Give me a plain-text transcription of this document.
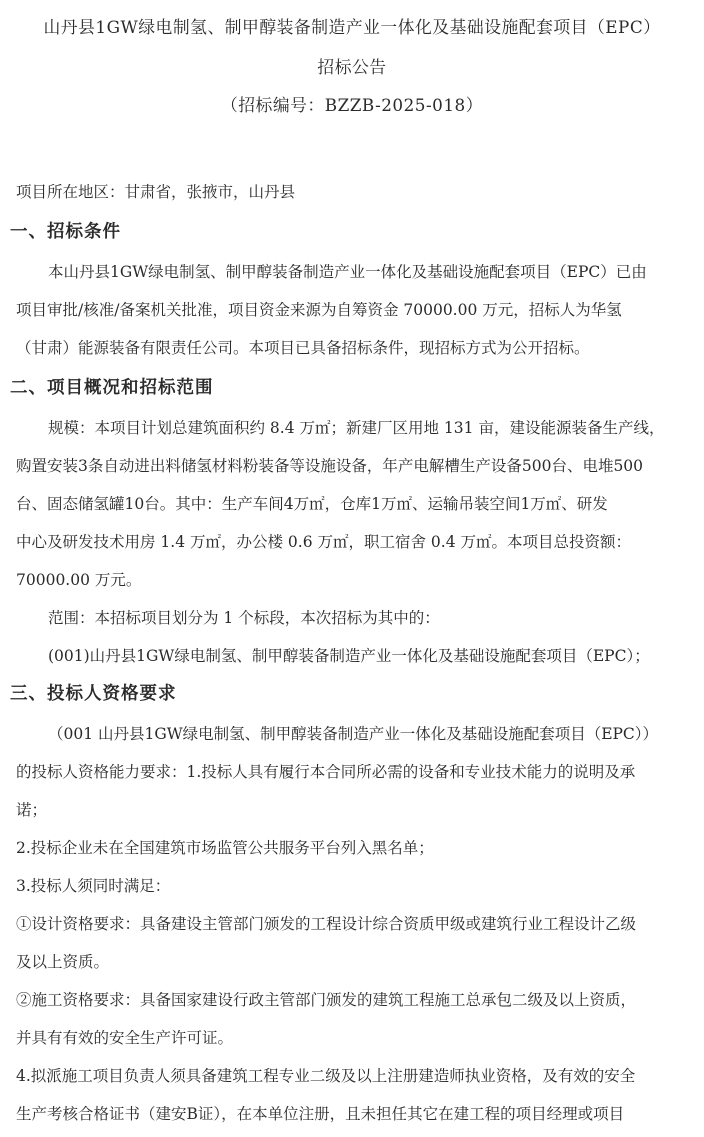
山丹县1GW绿电制氢、制甲醇装备制造产业一体化及基础设施配套项目（EPC）
招标公告
（招标编号：BZZB-2025-018）
项目所在地区：甘肃省，张掖市，山丹县
一、招标条件
本山丹县1GW绿电制氢、制甲醇装备制造产业一体化及基础设施配套项目（EPC）已由
项目审批/核准/备案机关批准，项目资金来源为自筹资金 70000.00 万元，招标人为华氢
（甘肃）能源装备有限责任公司。本项目已具备招标条件，现招标方式为公开招标。
二、项目概况和招标范围
规模：本项目计划总建筑面积约 8.4 万㎡；新建厂区用地 131 亩，建设能源装备生产线，
购置安装3条自动进出料储氢材料粉装备等设施设备，年产电解槽生产设备500台、电堆500
台、固态储氢罐10台。其中：生产车间4万㎡，仓库1万㎡、运输吊装空间1万㎡、研发
中心及研发技术用房 1.4 万㎡，办公楼 0.6 万㎡，职工宿舍 0.4 万㎡。本项目总投资额：
70000.00 万元。
范围：本招标项目划分为 1 个标段，本次招标为其中的：
(001)山丹县1GW绿电制氢、制甲醇装备制造产业一体化及基础设施配套项目（EPC）；
三、投标人资格要求
（001 山丹县1GW绿电制氢、制甲醇装备制造产业一体化及基础设施配套项目（EPC））
的投标人资格能力要求：1.投标人具有履行本合同所必需的设备和专业技术能力的说明及承
诺；
2.投标企业未在全国建筑市场监管公共服务平台列入黑名单；
3.投标人须同时满足：
①设计资格要求：具备建设主管部门颁发的工程设计综合资质甲级或建筑行业工程设计乙级
及以上资质。
②施工资格要求：具备国家建设行政主管部门颁发的建筑工程施工总承包二级及以上资质，
并具有有效的安全生产许可证。
4.拟派施工项目负责人须具备建筑工程专业二级及以上注册建造师执业资格，及有效的安全
生产考核合格证书（建安B证），在本单位注册，且未担任其它在建工程的项目经理或项目
